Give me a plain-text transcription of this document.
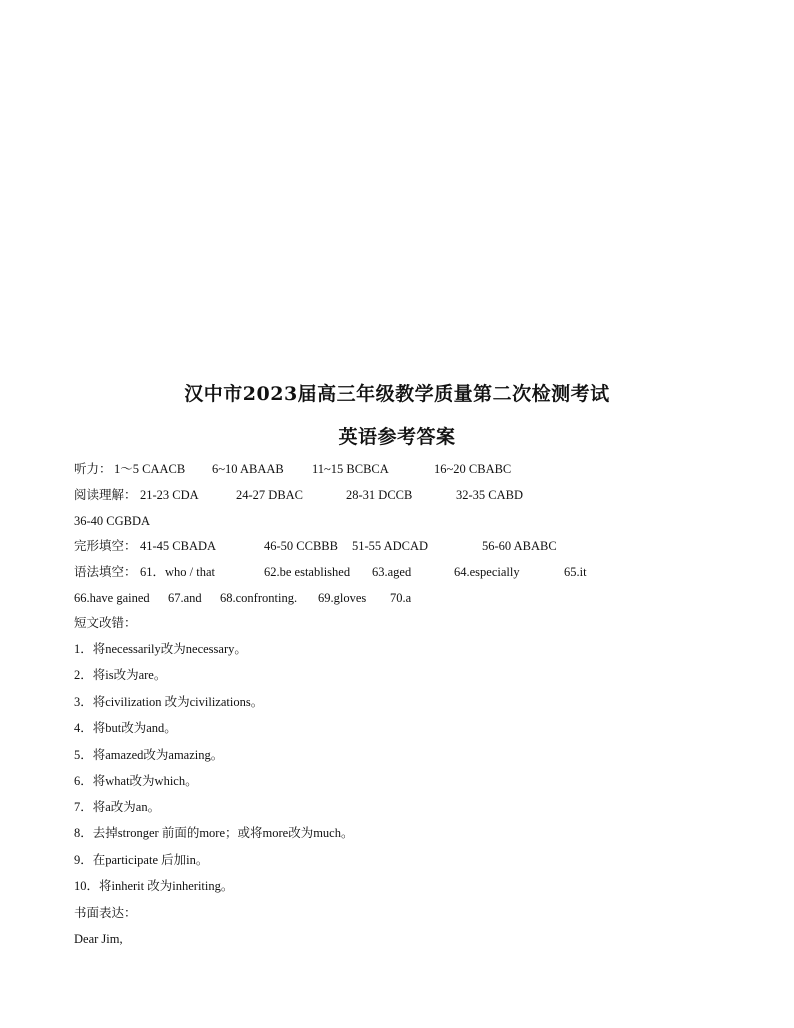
汉中市2023届高三年级教学质量第二次检测考试
英语参考答案
听力： 1～5 CAACB 6~10 ABAAB 11~15 BCBCA	16~20 CBABC
阅读理解： 21-23 CDA	24-27 DBAC	28-31 DCCB	32-35 CABD
36-40 CGBDA
完形填空： 41-45 CBADA	46-50 CCBBB 51-55 ADCAD	56-60 ABABC
语法填空： 61．who / that	62.be established 63.aged	64.especially	65.it
66.have gained 67.and 68.confronting. 69.gloves 70.a
短文改错：
1．将necessarily改为necessary。
2．将is改为are。
3．将civilization 改为civilizations。
4．将but改为and。
5．将amazed改为amazing。
6．将what改为which。
7．将a改为an。
8．去掉stronger 前面的more；或将more改为much。
9．在participate 后加in。
10．将inherit 改为inheriting。
书面表达：
Dear Jim,
